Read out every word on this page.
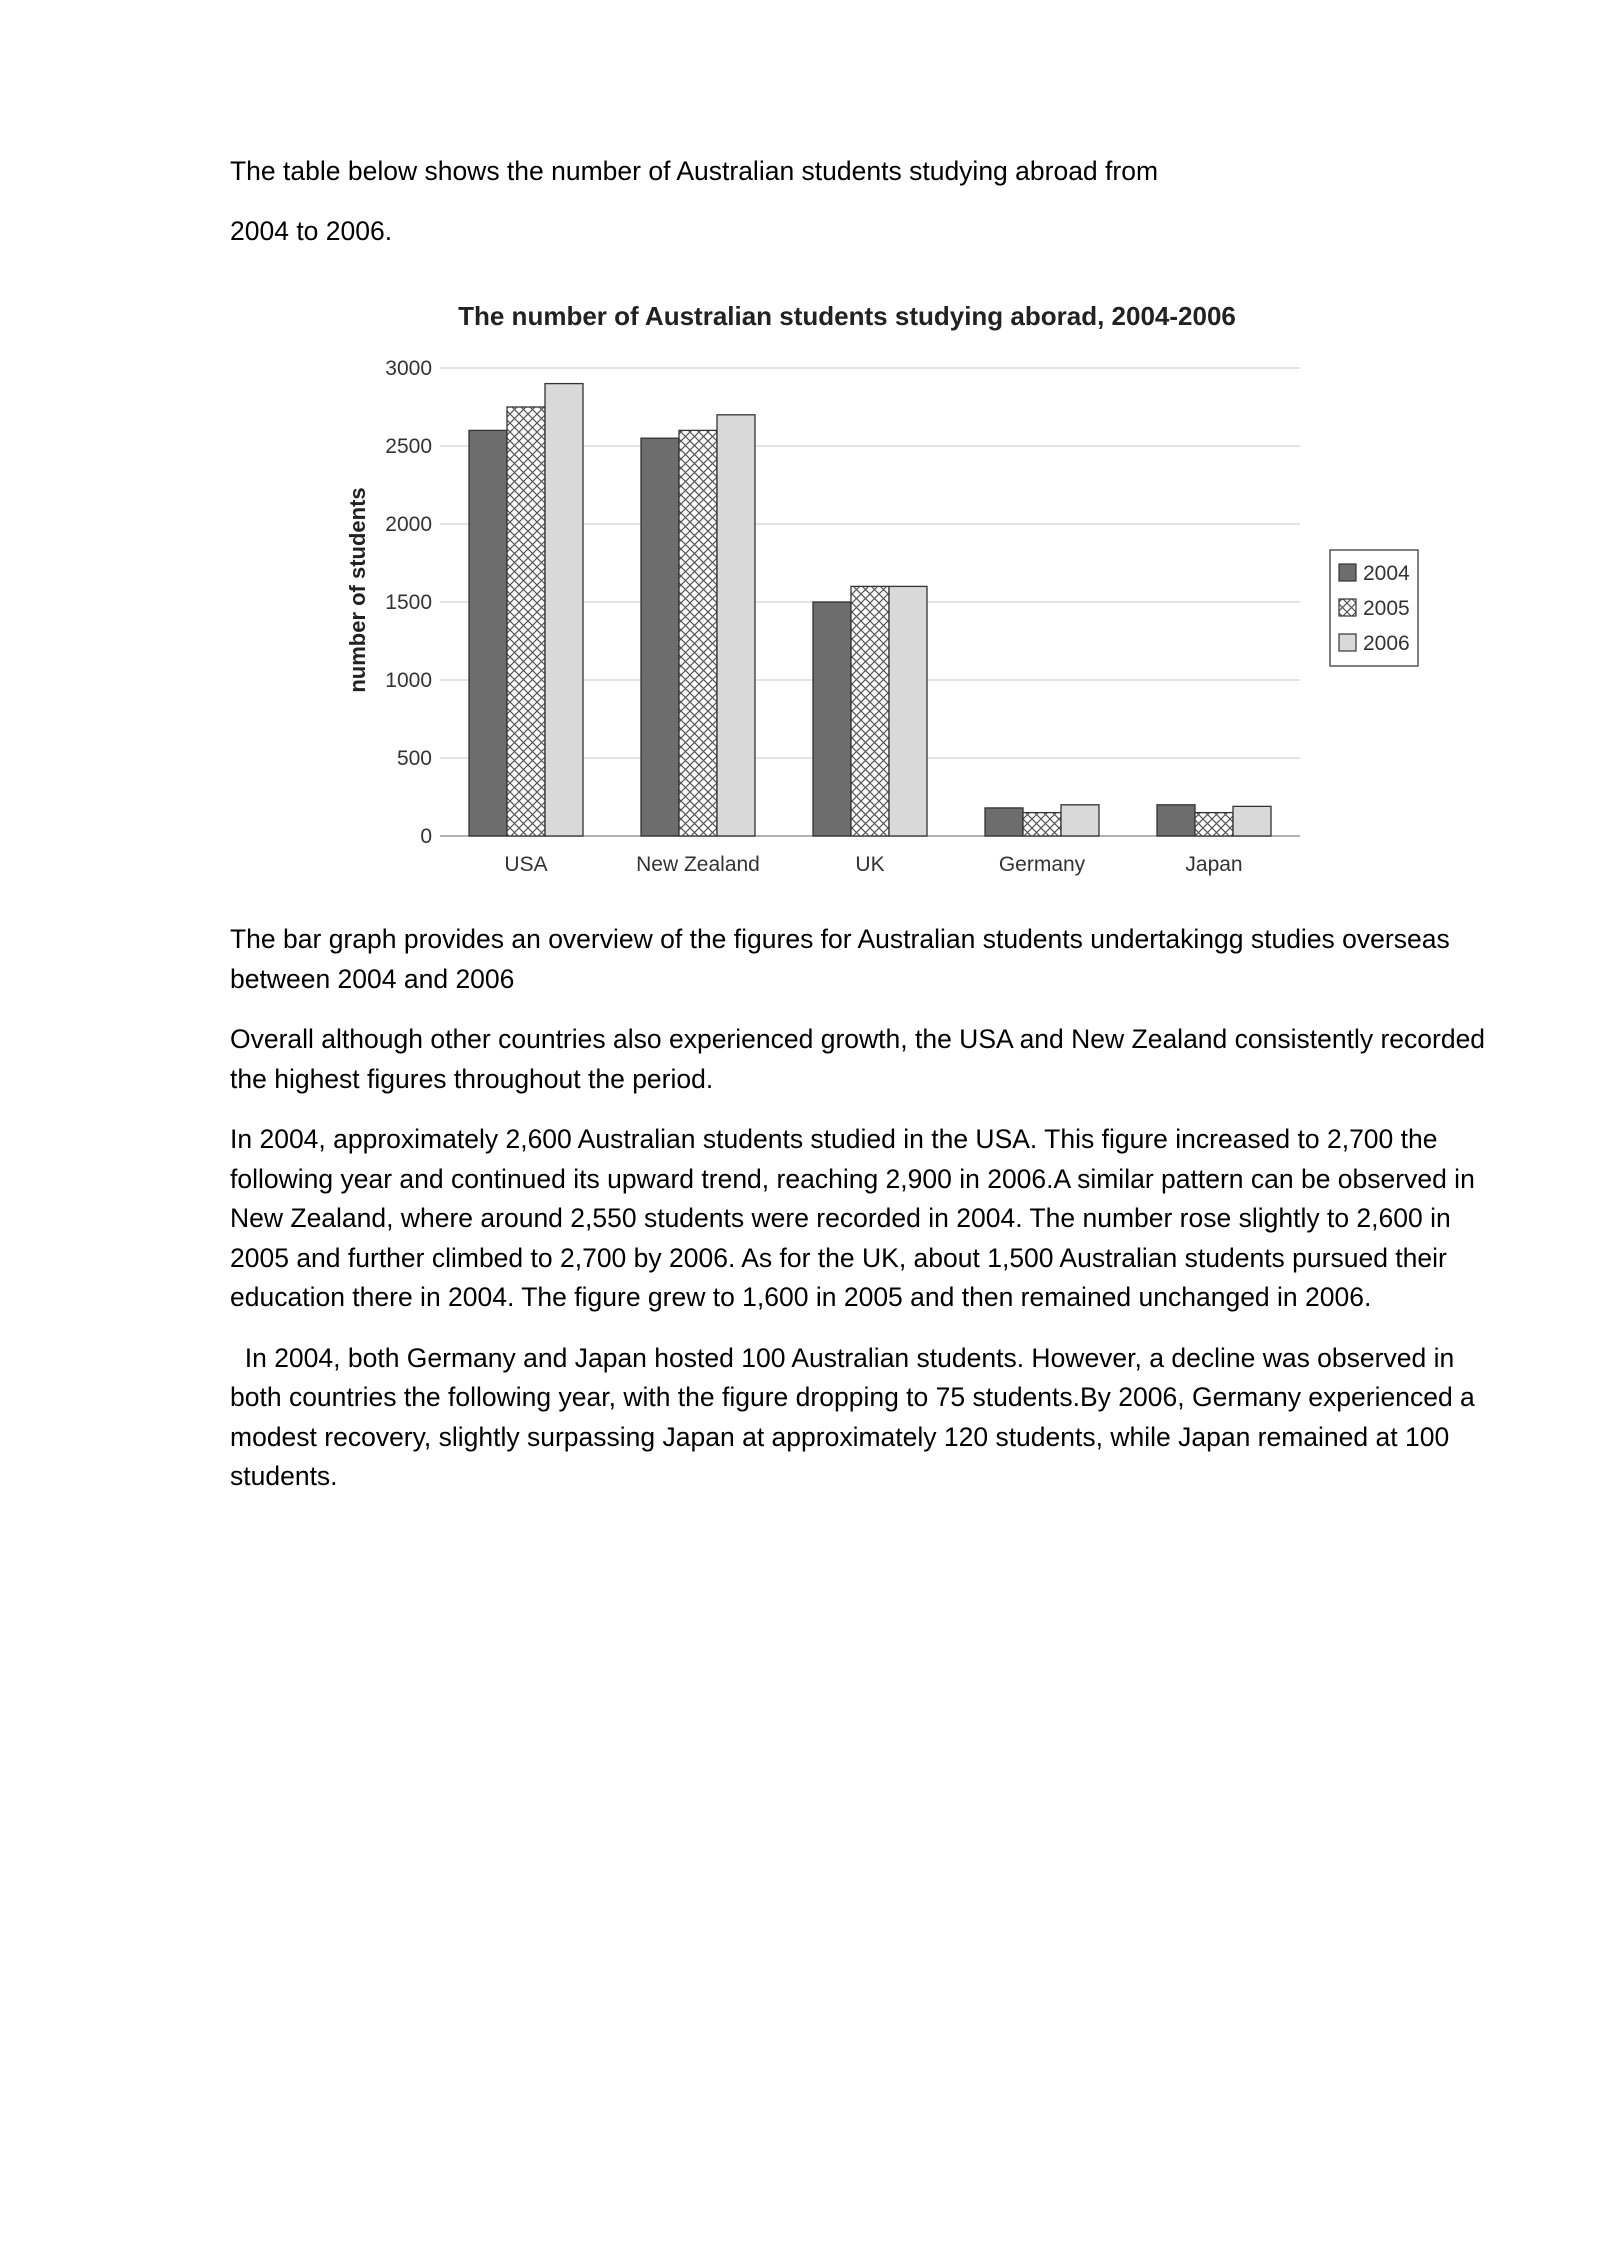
The table below shows the number of Australian students studying abroad from

2004 to 2006.

0
500
1000
1500
2000
2500
3000
USA	New Zealand	UK	Germany	Japan
2004
2005
2006
The number of Australian students studying aborad, 2004-2006
number of students

The bar graph provides an overview of the figures for Australian students undertakingg studies overseas between 2004 and 2006

Overall although other countries also experienced growth, the USA and New Zealand consistently recorded the highest figures throughout the period.

In 2004, approximately 2,600 Australian students studied in the USA. This figure increased to 2,700 the following year and continued its upward trend, reaching 2,900 in 2006.A similar pattern can be observed in New Zealand, where around 2,550 students were recorded in 2004. The number rose slightly to 2,600 in 2005 and further climbed to 2,700 by 2006. As for the UK, about 1,500 Australian students pursued their education there in 2004. The figure grew to 1,600 in 2005 and then remained unchanged in 2006.

In 2004, both Germany and Japan hosted 100 Australian students. However, a decline was observed in both countries the following year, with the figure dropping to 75 students.By 2006, Germany experienced a modest recovery, slightly surpassing Japan at approximately 120 students, while Japan remained at 100 students.
